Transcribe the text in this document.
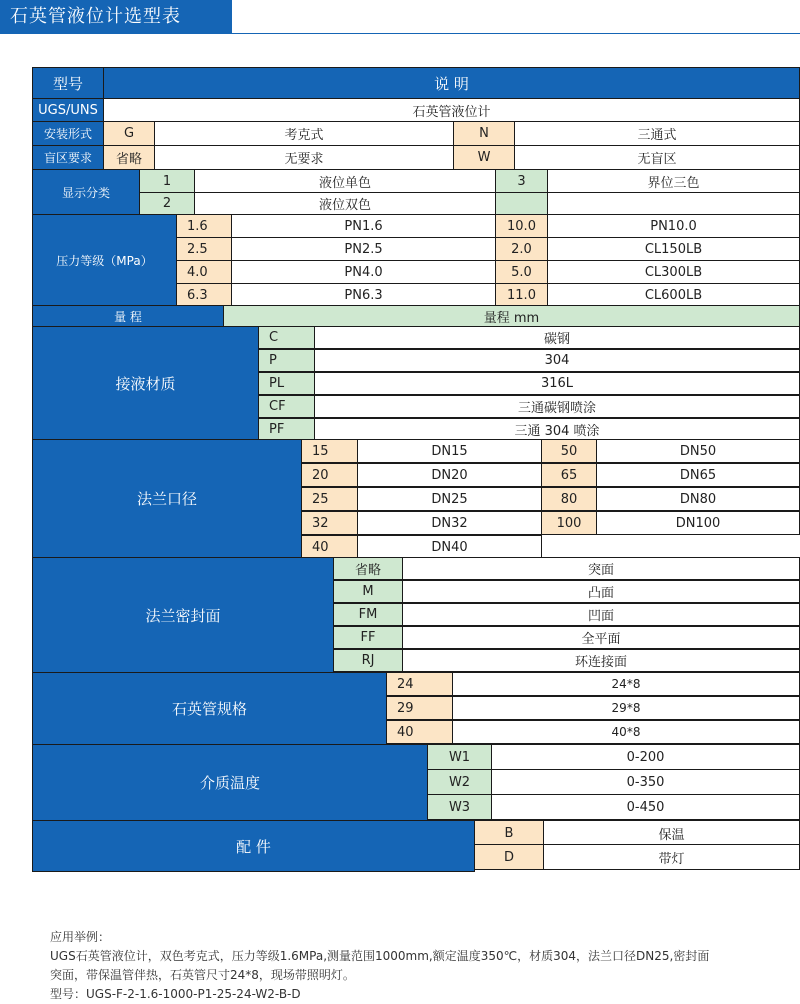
石英管液位计选型表
型号	说 明
UGS/UNS	石英管液位计
安装形式	G	考克式	N	三通式
盲区要求	省略	无要求	W	无盲区
显示分类
1	液位单色	3	界位三色
2	液位双色
压力等级（MPa）
1.6	PN1.6	10.0	PN10.0
2.5	PN2.5	2.0	CL150LB
4.0	PN4.0	5.0	CL300LB
6.3	PN6.3	11.0	CL600LB
量 程	量程 mm
接液材质
C	碳钢
P	304
PL	316L
CF	三通碳钢喷涂
PF	三通 304 喷涂
法兰口径
15	DN15	50	DN50
20	DN20	65	DN65
25	DN25	80	DN80
32	DN32	100	DN100
40	DN40
法兰密封面
省略	突面
M	凸面
FM	凹面
FF	全平面
RJ	环连接面
石英管规格
24	24*8
29	29*8
40	40*8
介质温度
W1	0-200
W2	0-350
W3	0-450
配 件
B	保温
D	带灯
应用举例：
UGS石英管液位计，双色考克式，压力等级1.6MPa,测量范围1000mm,额定温度350℃，材质304，法兰口径DN25,密封面
突面，带保温管伴热，石英管尺寸24*8，现场带照明灯。
型号：UGS-F-2-1.6-1000-P1-25-24-W2-B-D
